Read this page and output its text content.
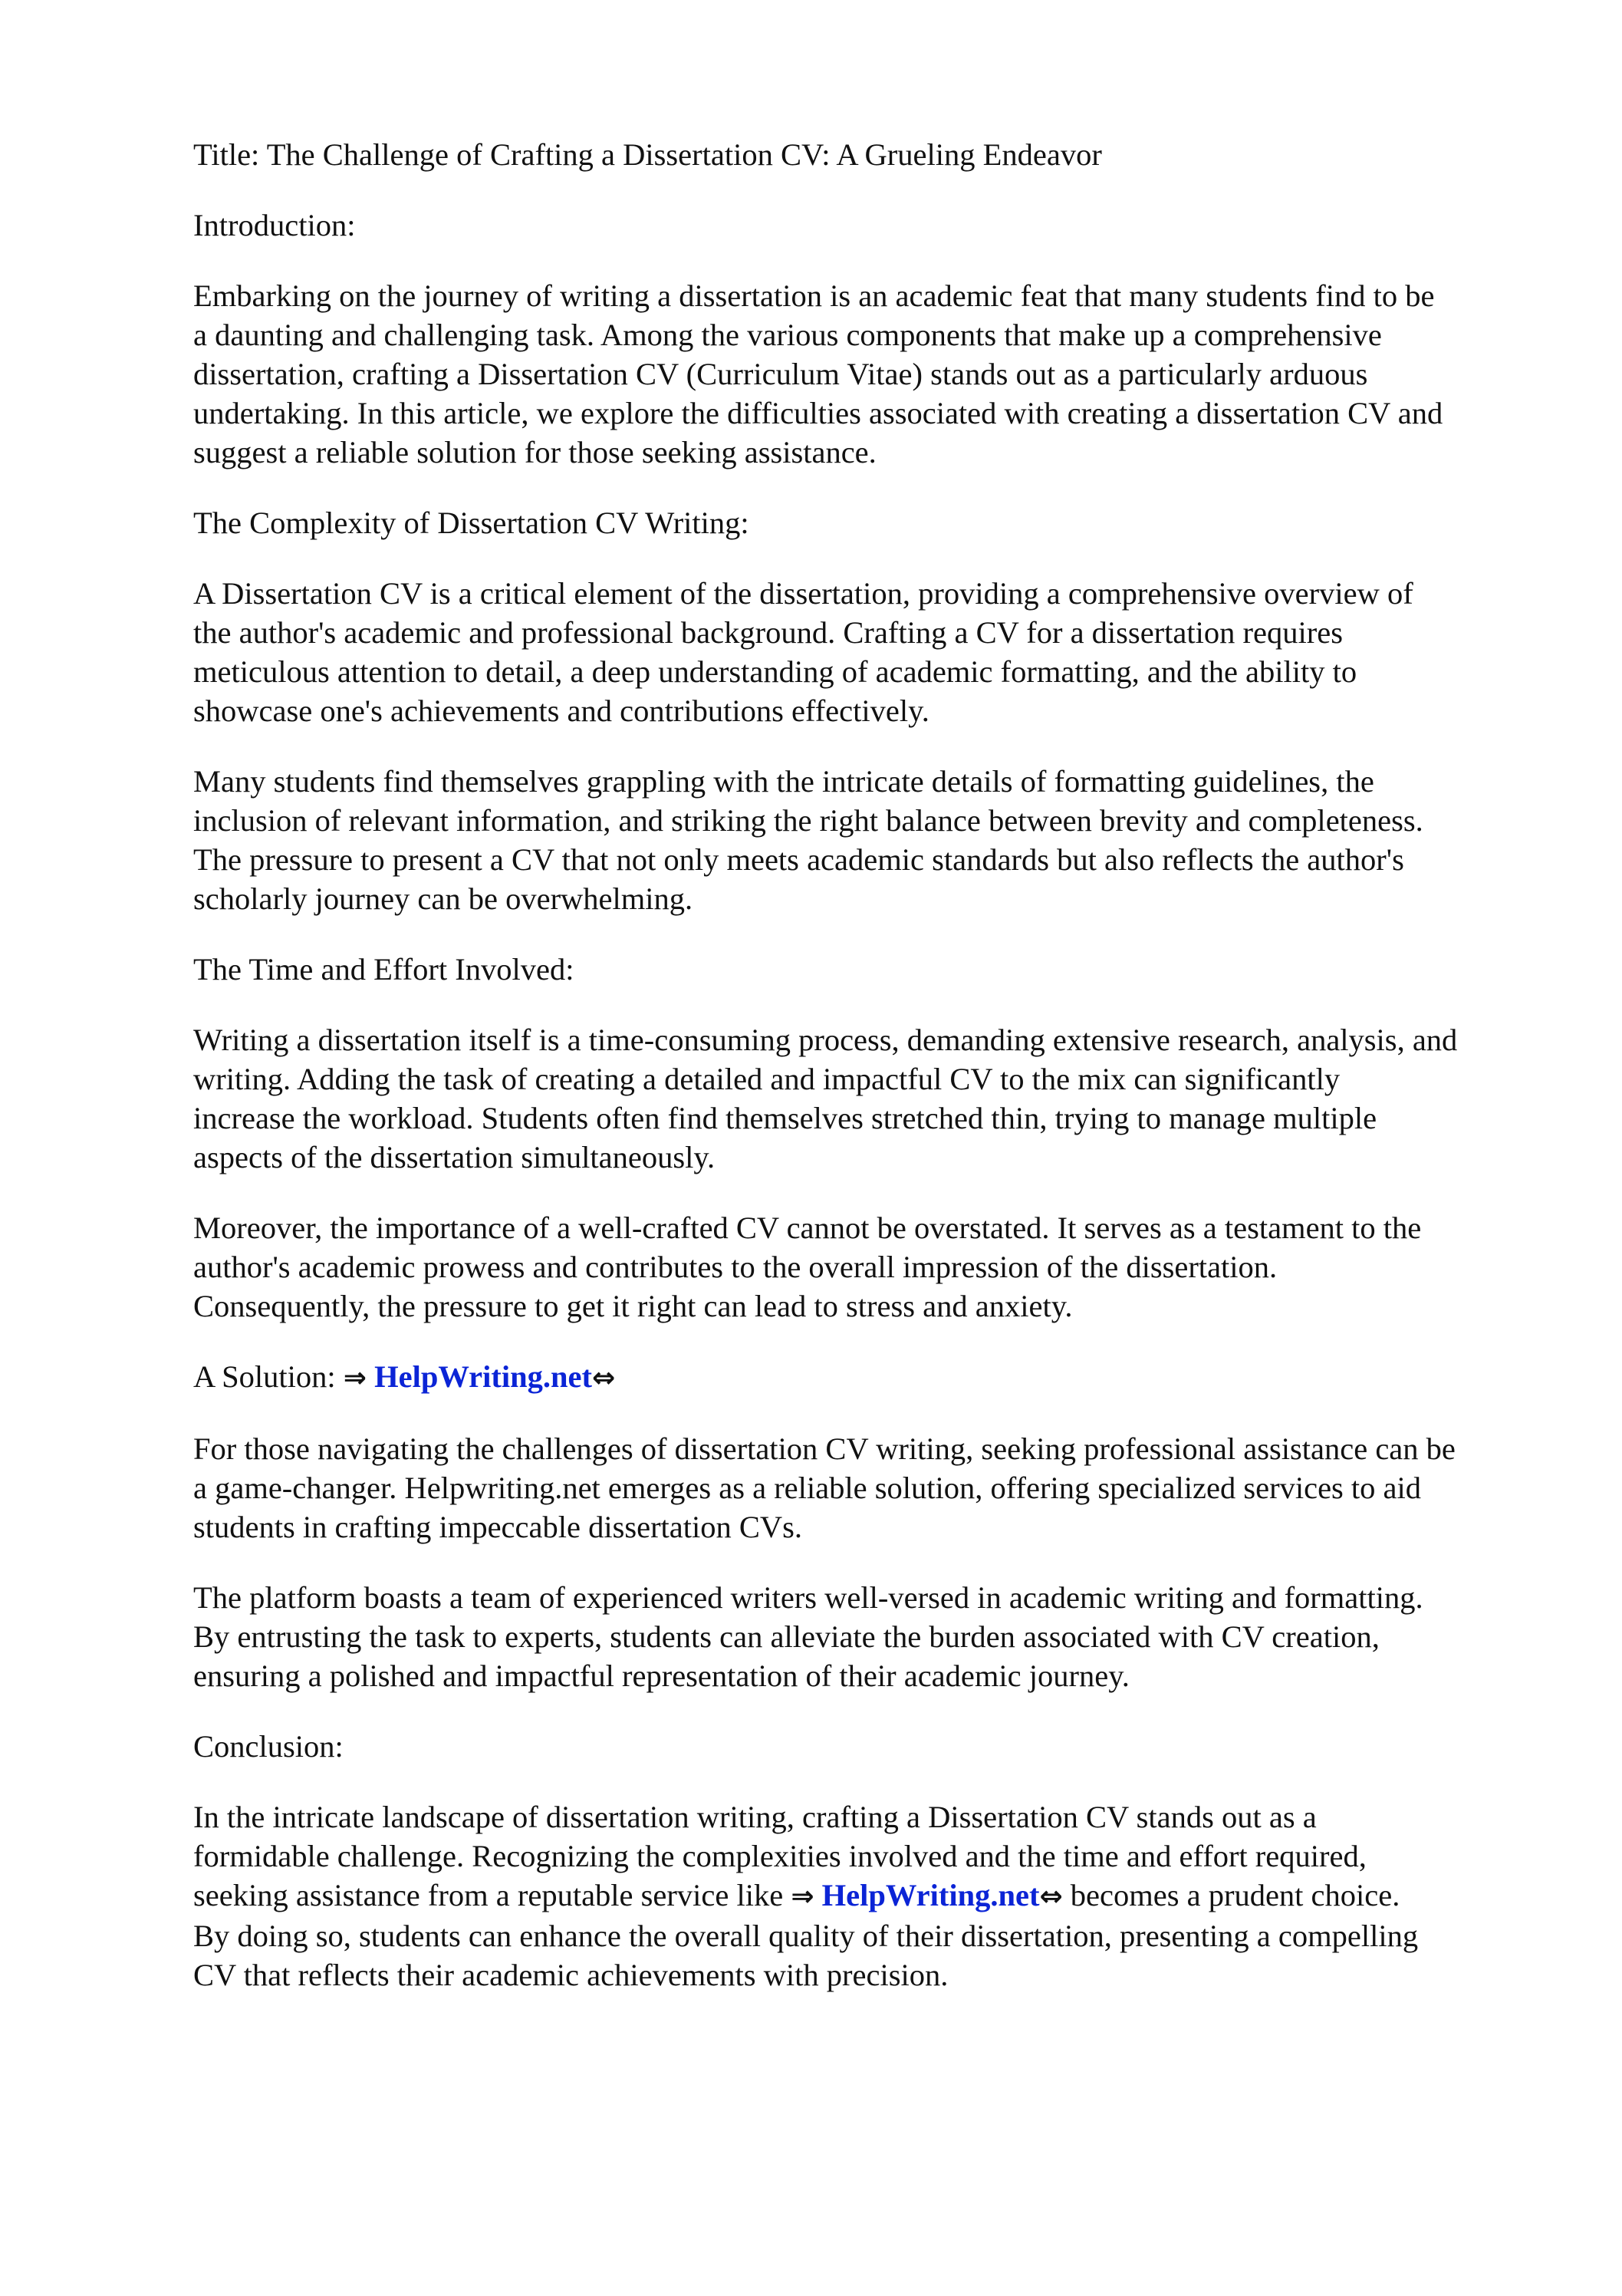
Title: The Challenge of Crafting a Dissertation CV: A Grueling Endeavor

Introduction:

Embarking on the journey of writing a dissertation is an academic feat that many students find to be
a daunting and challenging task. Among the various components that make up a comprehensive
dissertation, crafting a Dissertation CV (Curriculum Vitae) stands out as a particularly arduous
undertaking. In this article, we explore the difficulties associated with creating a dissertation CV and
suggest a reliable solution for those seeking assistance.

The Complexity of Dissertation CV Writing:

A Dissertation CV is a critical element of the dissertation, providing a comprehensive overview of
the author's academic and professional background. Crafting a CV for a dissertation requires
meticulous attention to detail, a deep understanding of academic formatting, and the ability to
showcase one's achievements and contributions effectively.

Many students find themselves grappling with the intricate details of formatting guidelines, the
inclusion of relevant information, and striking the right balance between brevity and completeness.
The pressure to present a CV that not only meets academic standards but also reflects the author's
scholarly journey can be overwhelming.

The Time and Effort Involved:

Writing a dissertation itself is a time-consuming process, demanding extensive research, analysis, and
writing. Adding the task of creating a detailed and impactful CV to the mix can significantly
increase the workload. Students often find themselves stretched thin, trying to manage multiple
aspects of the dissertation simultaneously.

Moreover, the importance of a well-crafted CV cannot be overstated. It serves as a testament to the
author's academic prowess and contributes to the overall impression of the dissertation.
Consequently, the pressure to get it right can lead to stress and anxiety.

A Solution: ⇒ HelpWriting.net⇔

For those navigating the challenges of dissertation CV writing, seeking professional assistance can be
a game-changer. Helpwriting.net emerges as a reliable solution, offering specialized services to aid
students in crafting impeccable dissertation CVs.

The platform boasts a team of experienced writers well-versed in academic writing and formatting.
By entrusting the task to experts, students can alleviate the burden associated with CV creation,
ensuring a polished and impactful representation of their academic journey.

Conclusion:

In the intricate landscape of dissertation writing, crafting a Dissertation CV stands out as a
formidable challenge. Recognizing the complexities involved and the time and effort required,
seeking assistance from a reputable service like ⇒ HelpWriting.net⇔ becomes a prudent choice.
By doing so, students can enhance the overall quality of their dissertation, presenting a compelling
CV that reflects their academic achievements with precision.
